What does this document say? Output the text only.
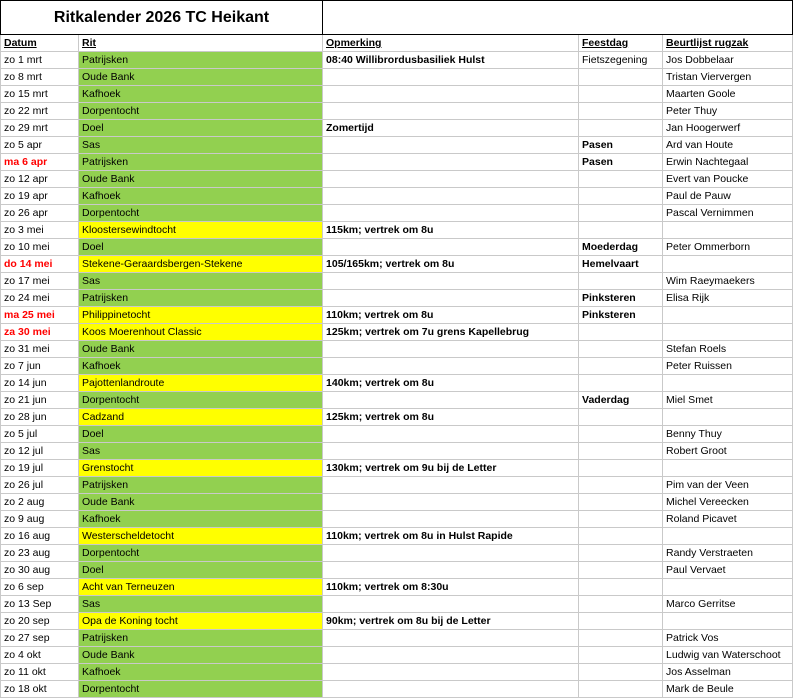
Ritkalender 2026 TC Heikant				
Datum	Rit	Opmerking	Feestdag	Beurtlijst rugzak
zo 1 mrt	Patrijsken	08:40 Willibrordusbasiliek Hulst	Fietszegening	Jos Dobbelaar
zo 8 mrt	Oude Bank			Tristan Viervergen
zo 15 mrt	Kafhoek			Maarten Goole
zo 22 mrt	Dorpentocht			Peter Thuy
zo 29 mrt	Doel	Zomertijd		Jan Hoogerwerf
zo 5 apr	Sas		Pasen	Ard van Houte
ma 6 apr	Patrijsken		Pasen	Erwin Nachtegaal
zo 12 apr	Oude Bank			Evert van Poucke
zo 19 apr	Kafhoek			Paul de Pauw
zo 26 apr	Dorpentocht			Pascal Vernimmen
zo 3 mei	Kloostersewindtocht	115km; vertrek om 8u		
zo 10 mei	Doel		Moederdag	Peter Ommerborn
do 14 mei	Stekene-Geraardsbergen-Stekene	105/165km; vertrek om 8u	Hemelvaart	
zo 17 mei	Sas			Wim Raeymaekers
zo 24 mei	Patrijsken		Pinksteren	Elisa Rijk
ma 25 mei	Philippinetocht	110km; vertrek om 8u	Pinksteren	
za 30 mei	Koos Moerenhout Classic	125km; vertrek om 7u grens Kapellebrug		
zo 31 mei	Oude Bank			Stefan Roels
zo 7 jun	Kafhoek			Peter Ruissen
zo 14 jun	Pajottenlandroute	140km; vertrek om 8u		
zo 21 jun	Dorpentocht		Vaderdag	Miel Smet
zo 28 jun	Cadzand	125km; vertrek om 8u		
zo 5 jul	Doel			Benny Thuy
zo 12 jul	Sas			Robert Groot
zo 19 jul	Grenstocht	130km; vertrek om 9u bij de Letter		
zo 26 jul	Patrijsken			Pim van der Veen
zo 2 aug	Oude Bank			Michel Vereecken
zo 9 aug	Kafhoek			Roland Picavet
zo 16 aug	Westerscheldetocht	110km; vertrek om 8u in Hulst Rapide		
zo 23 aug	Dorpentocht			Randy Verstraeten
zo 30 aug	Doel			Paul Vervaet
zo 6 sep	Acht van Terneuzen	110km; vertrek om 8:30u		
zo 13 Sep	Sas			Marco Gerritse
zo 20 sep	Opa de Koning tocht	90km; vertrek om 8u bij de Letter		
zo 27 sep	Patrijsken			Patrick Vos
zo 4 okt	Oude Bank			Ludwig van Waterschoot
zo 11 okt	Kafhoek			Jos Asselman
zo 18 okt	Dorpentocht			Mark de Beule
